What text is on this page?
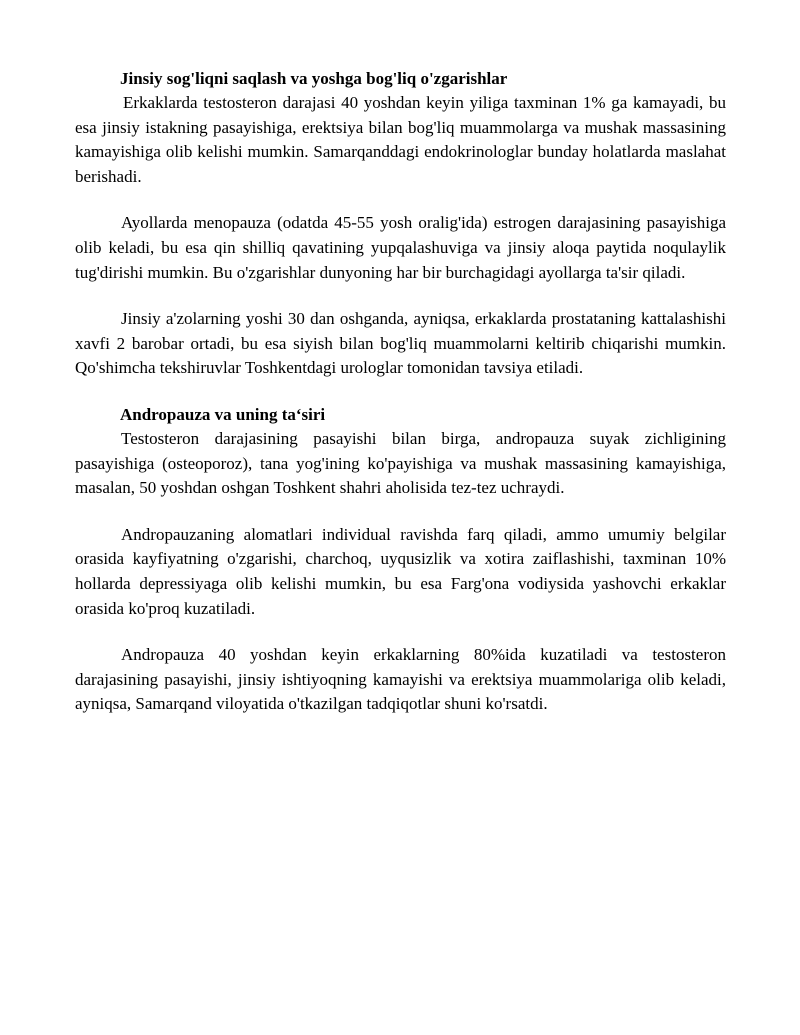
Jinsiy sog'liqni saqlash va yoshga bog'liq o'zgarishlar

Erkaklarda testosteron darajasi 40 yoshdan keyin yiliga taxminan 1% ga kamayadi, bu esa jinsiy istakning pasayishiga, erektsiya bilan bog'liq muammolarga va mushak massasining kamayishiga olib kelishi mumkin. Samarqanddagi endokrinologlar bunday holatlarda maslahat berishadi.

Ayollarda menopauza (odatda 45-55 yosh oralig'ida) estrogen darajasining pasayishiga olib keladi, bu esa qin shilliq qavatining yupqalashuviga va jinsiy aloqa paytida noqulaylik tug'dirishi mumkin. Bu o'zgarishlar dunyoning har bir burchagidagi ayollarga ta'sir qiladi.

Jinsiy a'zolarning yoshi 30 dan oshganda, ayniqsa, erkaklarda prostataning kattalashishi xavfi 2 barobar ortadi, bu esa siyish bilan bog'liq muammolarni keltirib chiqarishi mumkin. Qo'shimcha tekshiruvlar Toshkentdagi urologlar tomonidan tavsiya etiladi.

Andropauza va uning taʻsiri

Testosteron darajasining pasayishi bilan birga, andropauza suyak zichligining pasayishiga (osteoporoz), tana yog'ining ko'payishiga va mushak massasining kamayishiga, masalan, 50 yoshdan oshgan Toshkent shahri aholisida tez-tez uchraydi.

Andropauzaning alomatlari individual ravishda farq qiladi, ammo umumiy belgilar orasida kayfiyatning o'zgarishi, charchoq, uyqusizlik va xotira zaiflashishi, taxminan 10% hollarda depressiyaga olib kelishi mumkin, bu esa Farg'ona vodiysida yashovchi erkaklar orasida ko'proq kuzatiladi.

Andropauza 40 yoshdan keyin erkaklarning 80%ida kuzatiladi va testosteron darajasining pasayishi, jinsiy ishtiyoqning kamayishi va erektsiya muammolariga olib keladi, ayniqsa, Samarqand viloyatida o'tkazilgan tadqiqotlar shuni ko'rsatdi.
